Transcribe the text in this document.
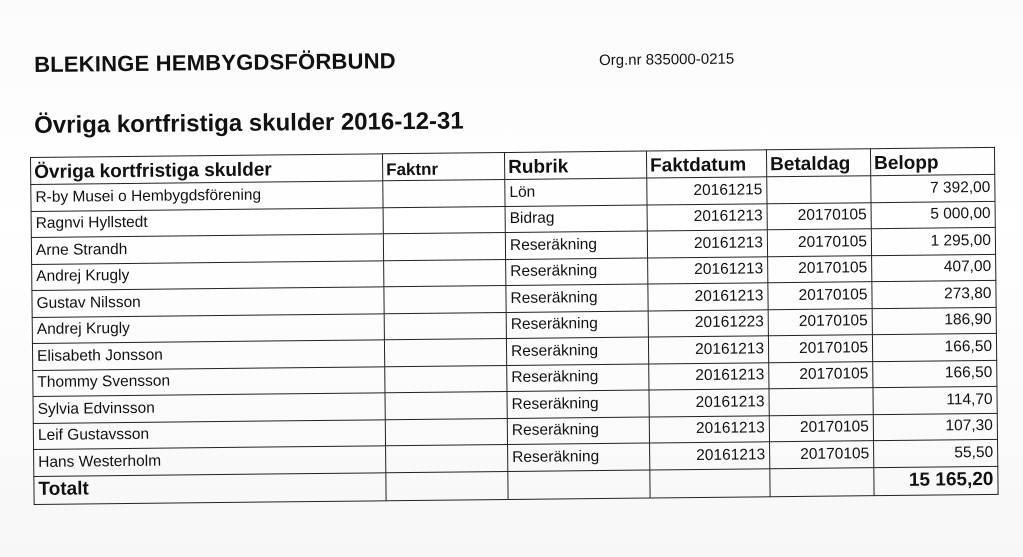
BLEKINGE HEMBYGDSFÖRBUND	Org.nr 835000-0215
Övriga kortfristiga skulder 2016-12-31
Övriga kortfristiga skulder	Faktnr	Rubrik	Faktdatum	Betaldag	Belopp
R-by Musei o Hembygdsförening		Lön	20161215		7 392,00
Ragnvi Hyllstedt		Bidrag	20161213	20170105	5 000,00
Arne Strandh		Reseräkning	20161213	20170105	1 295,00
Andrej Krugly		Reseräkning	20161213	20170105	407,00
Gustav Nilsson		Reseräkning	20161213	20170105	273,80
Andrej Krugly		Reseräkning	20161223	20170105	186,90
Elisabeth Jonsson		Reseräkning	20161213	20170105	166,50
Thommy Svensson		Reseräkning	20161213	20170105	166,50
Sylvia Edvinsson		Reseräkning	20161213		114,70
Leif Gustavsson		Reseräkning	20161213	20170105	107,30
Hans Westerholm		Reseräkning	20161213	20170105	55,50
Totalt					15 165,20
